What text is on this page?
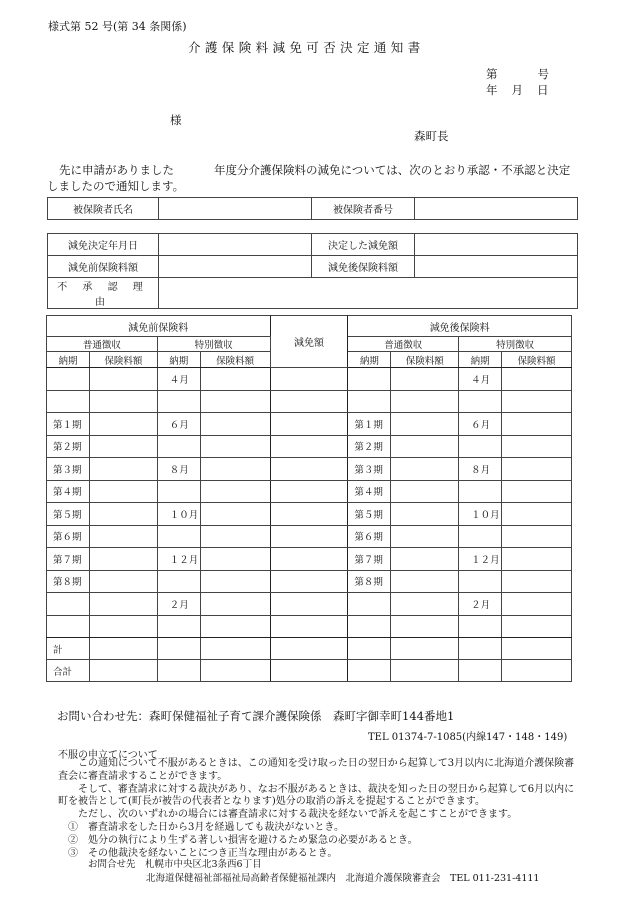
様式第 52 号(第 34 条関係)
介護保険料減免可否決定通知書
第	号
年 月 日
様
森町長
先に申請がありました	年度分介護保険料の減免については、次のとおり承認・不承認と決定しましたので通知します。
被保険者氏名		被保険者番号	
減免決定年月日		決定した減免額	
減免前保険料額		減免後保険料額	
不 承 認 理 由			
減免前保険料				減免額	減免後保険料			
普通徴収		特別徴収			普通徴収		特別徴収	
納期	保険料額	納期	保険料額		納期	保険料額	納期	保険料額
		４月					４月	

第１期		６月			第１期		６月	
第２期					第２期			
第３期		８月			第３期		８月	
第４期					第４期			
第５期		１０月			第５期		１０月	
第６期					第６期			
第７期		１２月			第７期		１２月	
第８期					第８期			
		２月					２月	

計								
合計								
お問い合わせ先：森町保健福祉子育て課介護保険係　森町字御幸町144番地1
TEL 01374-7-1085(内線147・148・149)
不服の申立てについて

この通知について不服があるときは、この通知を受け取った日の翌日から起算して3月以内に北海道介護保険審査会に審査請求することができます。

そして、審査請求に対する裁決があり、なお不服があるときは、裁決を知った日の翌日から起算して6月以内に町を被告として(町長が被告の代表者となります)処分の取消の訴えを提起することができます。

ただし、次のいずれかの場合には審査請求に対する裁決を経ないで訴えを起こすことができます。

①　 審査請求をした日から3月を経過しても裁決がないとき。

②　 処分の執行により生ずる著しい損害を避けるため緊急の必要があるとき。

③　 その他裁決を経ないことにつき正当な理由があるとき。

お問合せ先　札幌市中央区北3条西6丁目
北海道保健福祉部福祉局高齢者保健福祉課内　北海道介護保険審査会　TEL 011-231-4111
